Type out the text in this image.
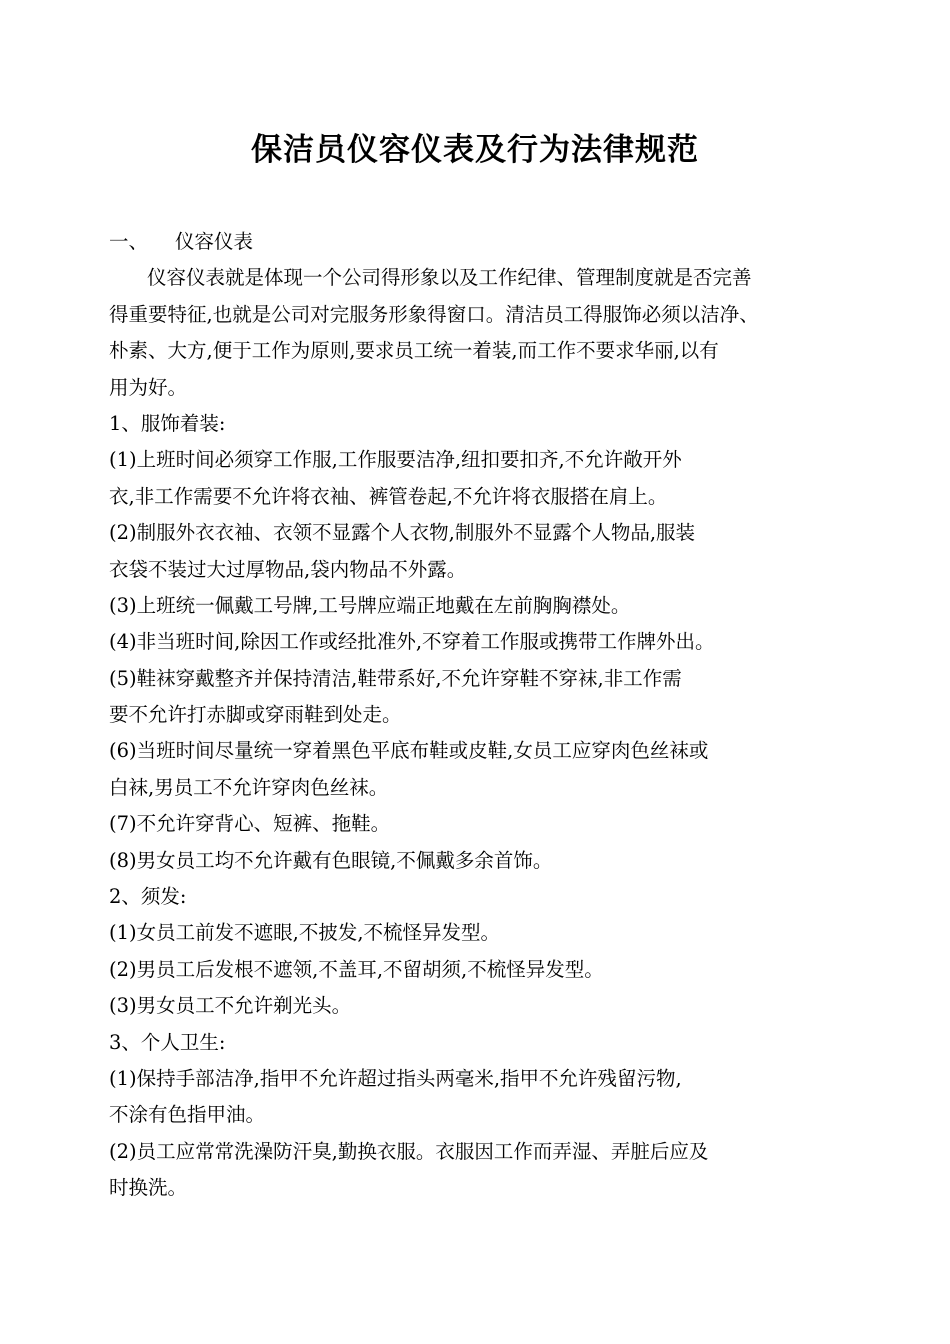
保洁员仪容仪表及行为法律规范
一、 仪容仪表
仪容仪表就是体现一个公司得形象以及工作纪律、管理制度就是否完善
得重要特征,也就是公司对完服务形象得窗口。清洁员工得服饰必须以洁净、
朴素、大方,便于工作为原则,要求员工统一着装,而工作不要求华丽,以有
用为好。
1、服饰着装:
(1)上班时间必须穿工作服,工作服要洁净,纽扣要扣齐,不允许敞开外
衣,非工作需要不允许将衣袖、裤管卷起,不允许将衣服搭在肩上。
(2)制服外衣衣袖、衣领不显露个人衣物,制服外不显露个人物品,服装
衣袋不装过大过厚物品,袋内物品不外露。
(3)上班统一佩戴工号牌,工号牌应端正地戴在左前胸胸襟处。
(4)非当班时间,除因工作或经批准外,不穿着工作服或携带工作牌外出。
(5)鞋袜穿戴整齐并保持清洁,鞋带系好,不允许穿鞋不穿袜,非工作需
要不允许打赤脚或穿雨鞋到处走。
(6)当班时间尽量统一穿着黑色平底布鞋或皮鞋,女员工应穿肉色丝袜或
白袜,男员工不允许穿肉色丝袜。
(7)不允许穿背心、短裤、拖鞋。
(8)男女员工均不允许戴有色眼镜,不佩戴多余首饰。
2、须发:
(1)女员工前发不遮眼,不披发,不梳怪异发型。
(2)男员工后发根不遮领,不盖耳,不留胡须,不梳怪异发型。
(3)男女员工不允许剃光头。
3、个人卫生:
(1)保持手部洁净,指甲不允许超过指头两毫米,指甲不允许残留污物,
不涂有色指甲油。
(2)员工应常常洗澡防汗臭,勤换衣服。衣服因工作而弄湿、弄脏后应及
时换洗。
